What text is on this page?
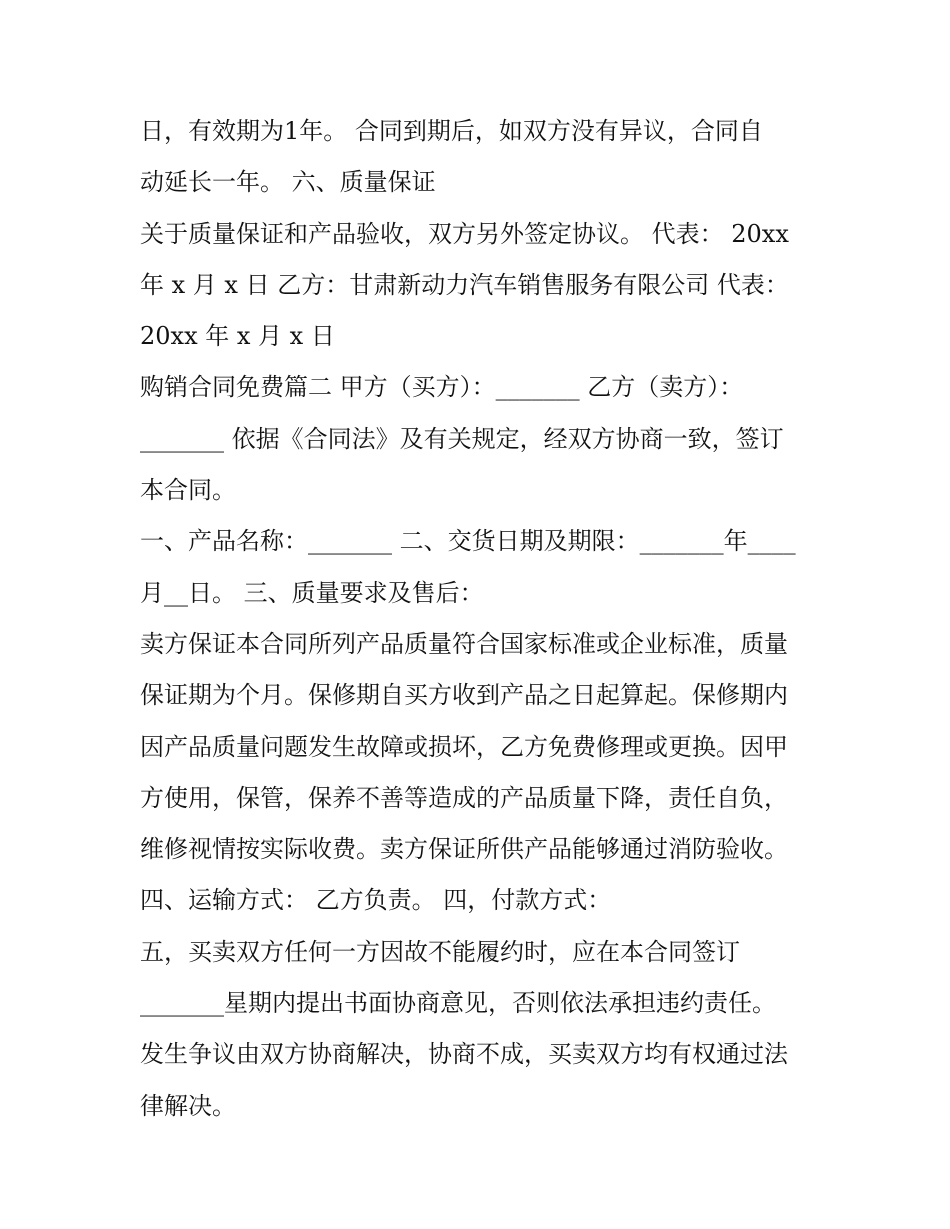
日，有效期为1年。 合同到期后，如双方没有异议，合同自
动延长一年。 六、质量保证
关于质量保证和产品验收，双方另外签定协议。 代表： 20xx
年 x 月 x 日 乙方：甘肃新动力汽车销售服务有限公司 代表：
20xx 年 x 月 x 日
购销合同免费篇二 甲方（买方）：_______ 乙方（卖方）：
_______ 依据《合同法》及有关规定，经双方协商一致，签订
本合同。
一、产品名称：_______ 二、交货日期及期限：_______年____
月__日。 三、质量要求及售后：
卖方保证本合同所列产品质量符合国家标准或企业标准，质量
保证期为个月。保修期自买方收到产品之日起算起。保修期内
因产品质量问题发生故障或损坏，乙方免费修理或更换。因甲
方使用，保管，保养不善等造成的产品质量下降，责任自负，
维修视情按实际收费。卖方保证所供产品能够通过消防验收。
四、运输方式： 乙方负责。 四，付款方式：
五，买卖双方任何一方因故不能履约时，应在本合同签订
_______星期内提出书面协商意见，否则依法承担违约责任。
发生争议由双方协商解决，协商不成，买卖双方均有权通过法
律解决。
